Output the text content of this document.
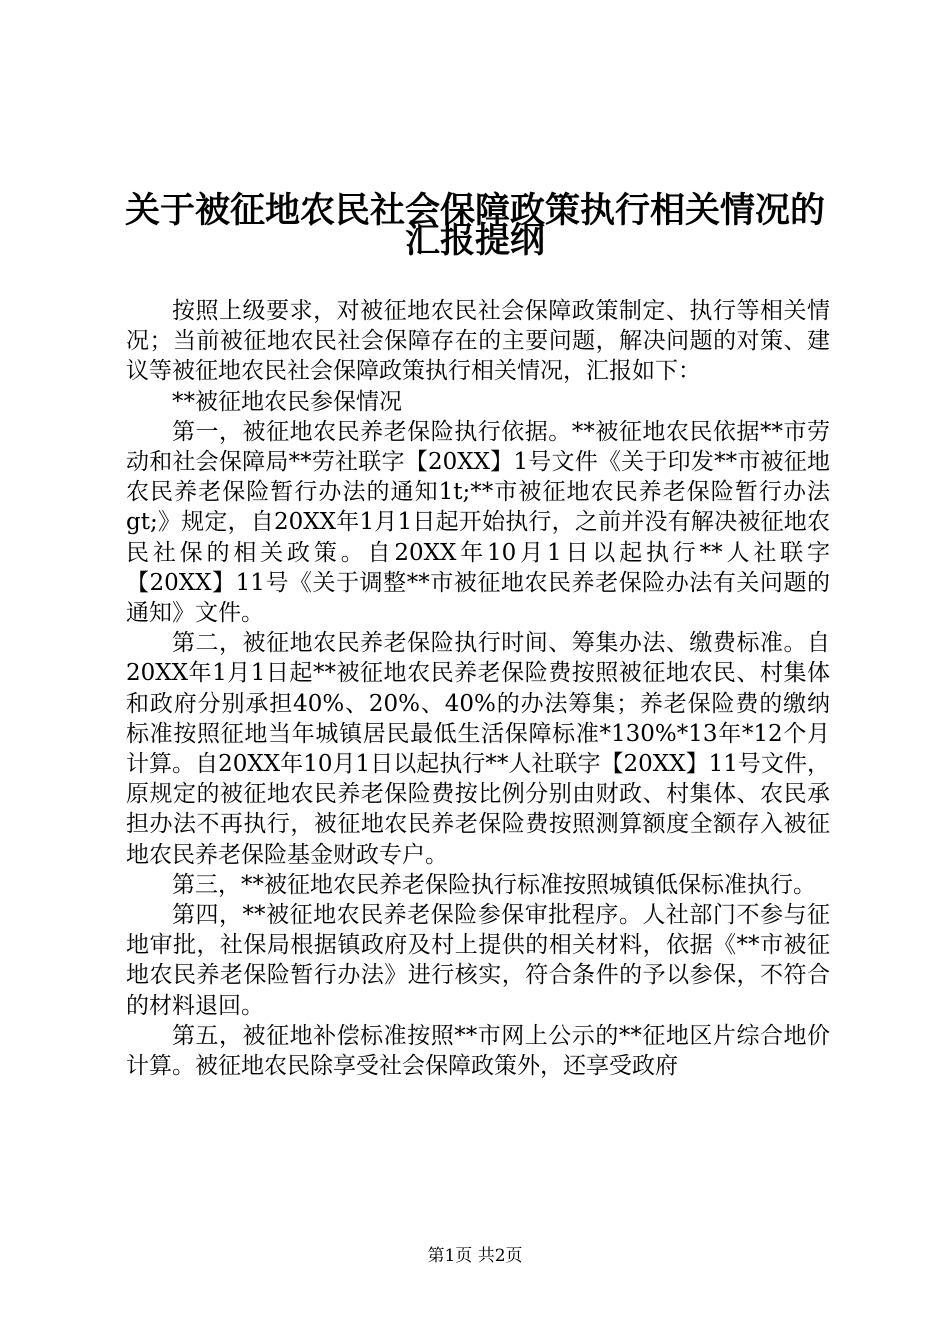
关于被征地农民社会保障政策执行相关情况的
汇报提纲

按照上级要求，对被征地农民社会保障政策制定、执行等相关情况；当前被征地农民社会保障存在的主要问题，解决问题的对策、建议等被征地农民社会保障政策执行相关情况，汇报如下：

**被征地农民参保情况

第一，被征地农民养老保险执行依据。**被征地农民依据**市劳动和社会保障局**劳社联字【20XX】1号文件《关于印发**市被征地农民养老保险暂行办法的通知1t;**市被征地农民养老保险暂行办法gt;》规定，自20XX年1月1日起开始执行，之前并没有解决被征地农民社保的相关政策。自20XX年10月1日以起执行**人社联字【20XX】11号《关于调整**市被征地农民养老保险办法有关问题的通知》文件。

第二，被征地农民养老保险执行时间、筹集办法、缴费标准。自20XX年1月1日起**被征地农民养老保险费按照被征地农民、村集体和政府分别承担40%、20%、40%的办法筹集；养老保险费的缴纳标准按照征地当年城镇居民最低生活保障标准*130%*13年*12个月计算。自20XX年10月1日以起执行**人社联字【20XX】11号文件，原规定的被征地农民养老保险费按比例分别由财政、村集体、农民承担办法不再执行，被征地农民养老保险费按照测算额度全额存入被征地农民养老保险基金财政专户。

第三，**被征地农民养老保险执行标准按照城镇低保标准执行。

第四，**被征地农民养老保险参保审批程序。人社部门不参与征地审批，社保局根据镇政府及村上提供的相关材料，依据《**市被征地农民养老保险暂行办法》进行核实，符合条件的予以参保，不符合的材料退回。

第五，被征地补偿标准按照**市网上公示的**征地区片综合地价计算。被征地农民除享受社会保障政策外，还享受政府

第1页 共2页
